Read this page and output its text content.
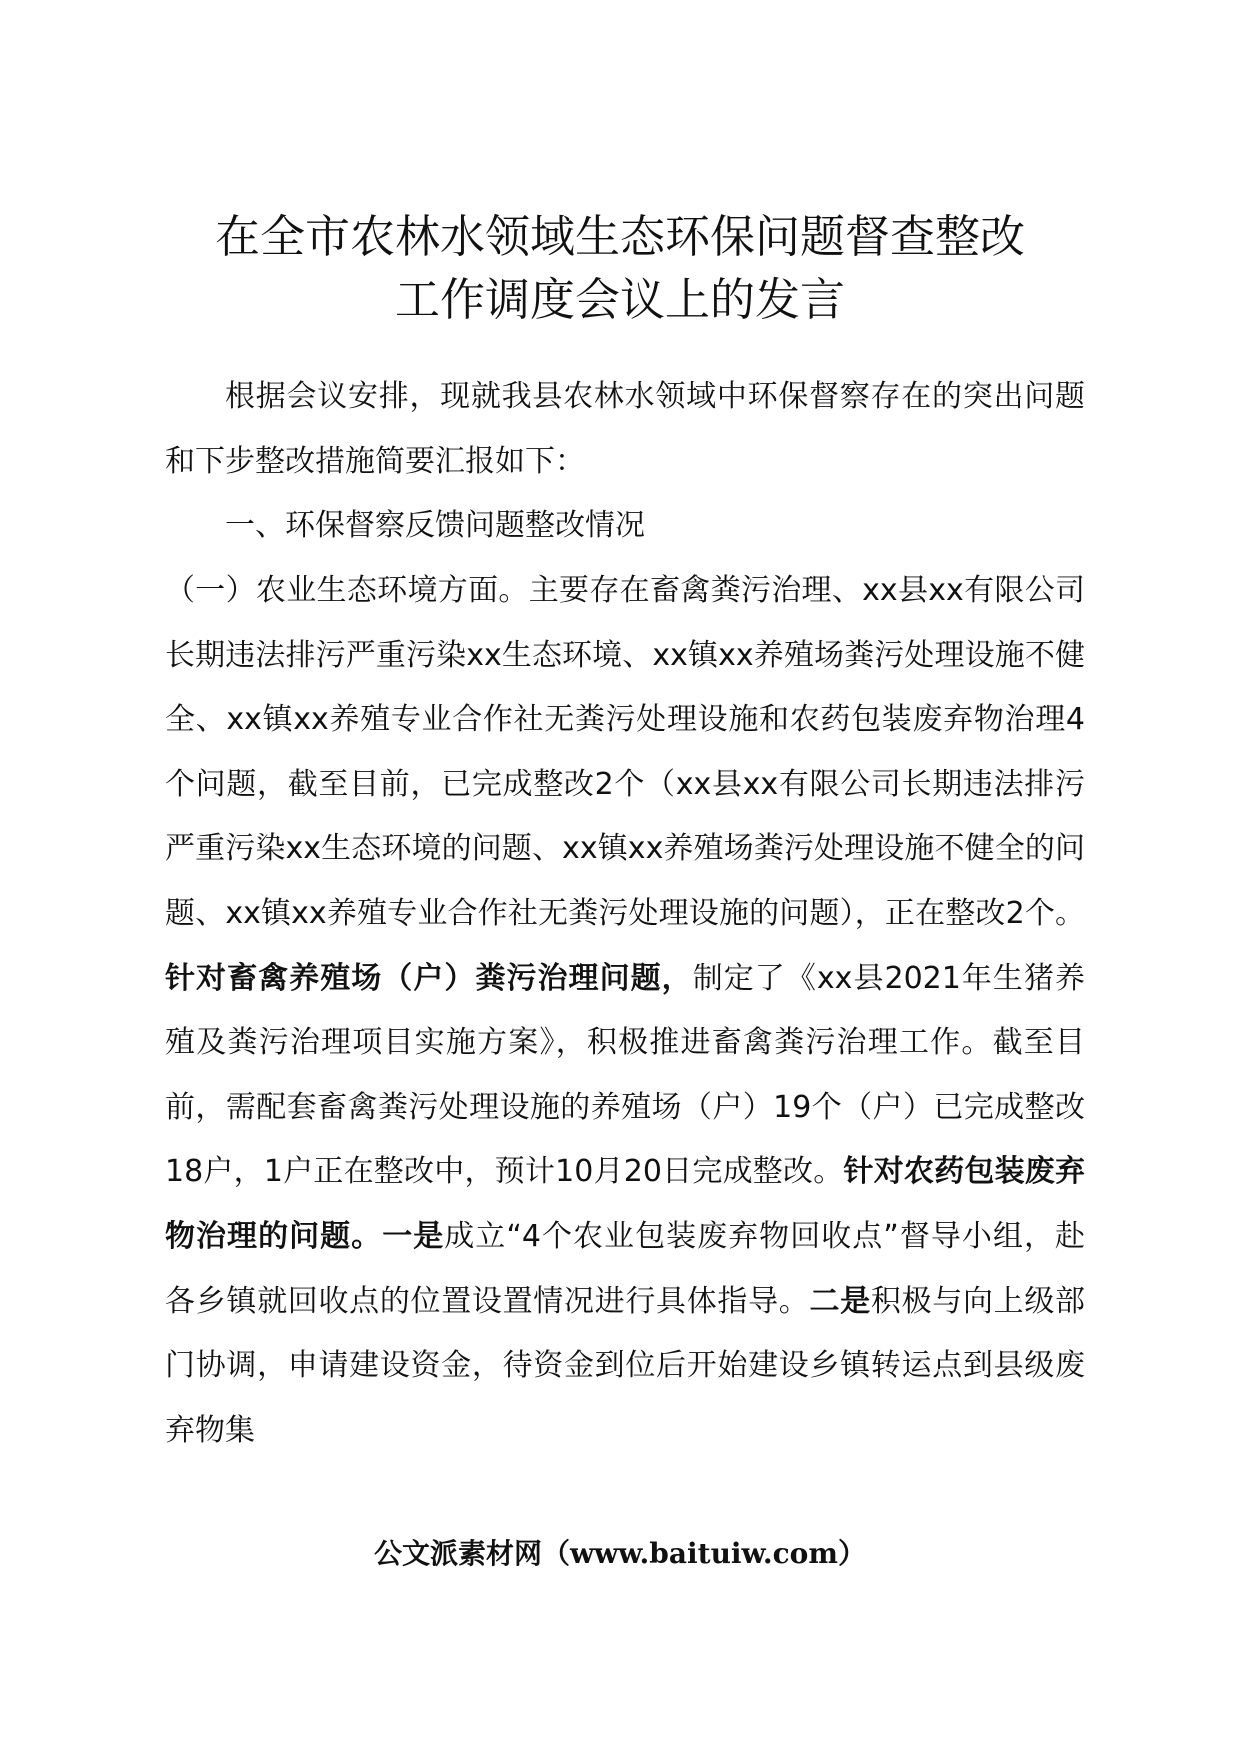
在全市农林水领域生态环保问题督查整改
工作调度会议上的发言

根据会议安排，现就我县农林水领域中环保督察存在的突出问题和下步整改措施简要汇报如下：

一、环保督察反馈问题整改情况

（一）农业生态环境方面。主要存在畜禽粪污治理、xx县xx有限公司长期违法排污严重污染xx生态环境、xx镇xx养殖场粪污处理设施不健全、xx镇xx养殖专业合作社无粪污处理设施和农药包装废弃物治理4个问题，截至目前，已完成整改2个（xx县xx有限公司长期违法排污严重污染xx生态环境的问题、xx镇xx养殖场粪污处理设施不健全的问题、xx镇xx养殖专业合作社无粪污处理设施的问题），正在整改2个。针对畜禽养殖场（户）粪污治理问题，制定了《xx县2021年生猪养殖及粪污治理项目实施方案》，积极推进畜禽粪污治理工作。截至目前，需配套畜禽粪污处理设施的养殖场（户）19个（户）已完成整改18户，1户正在整改中，预计10月20日完成整改。针对农药包装废弃物治理的问题。一是成立“4个农业包装废弃物回收点”督导小组，赴各乡镇就回收点的位置设置情况进行具体指导。二是积极与向上级部门协调，申请建设资金，待资金到位后开始建设乡镇转运点到县级废弃物集

公文派素材网（www.baituiw.com）
